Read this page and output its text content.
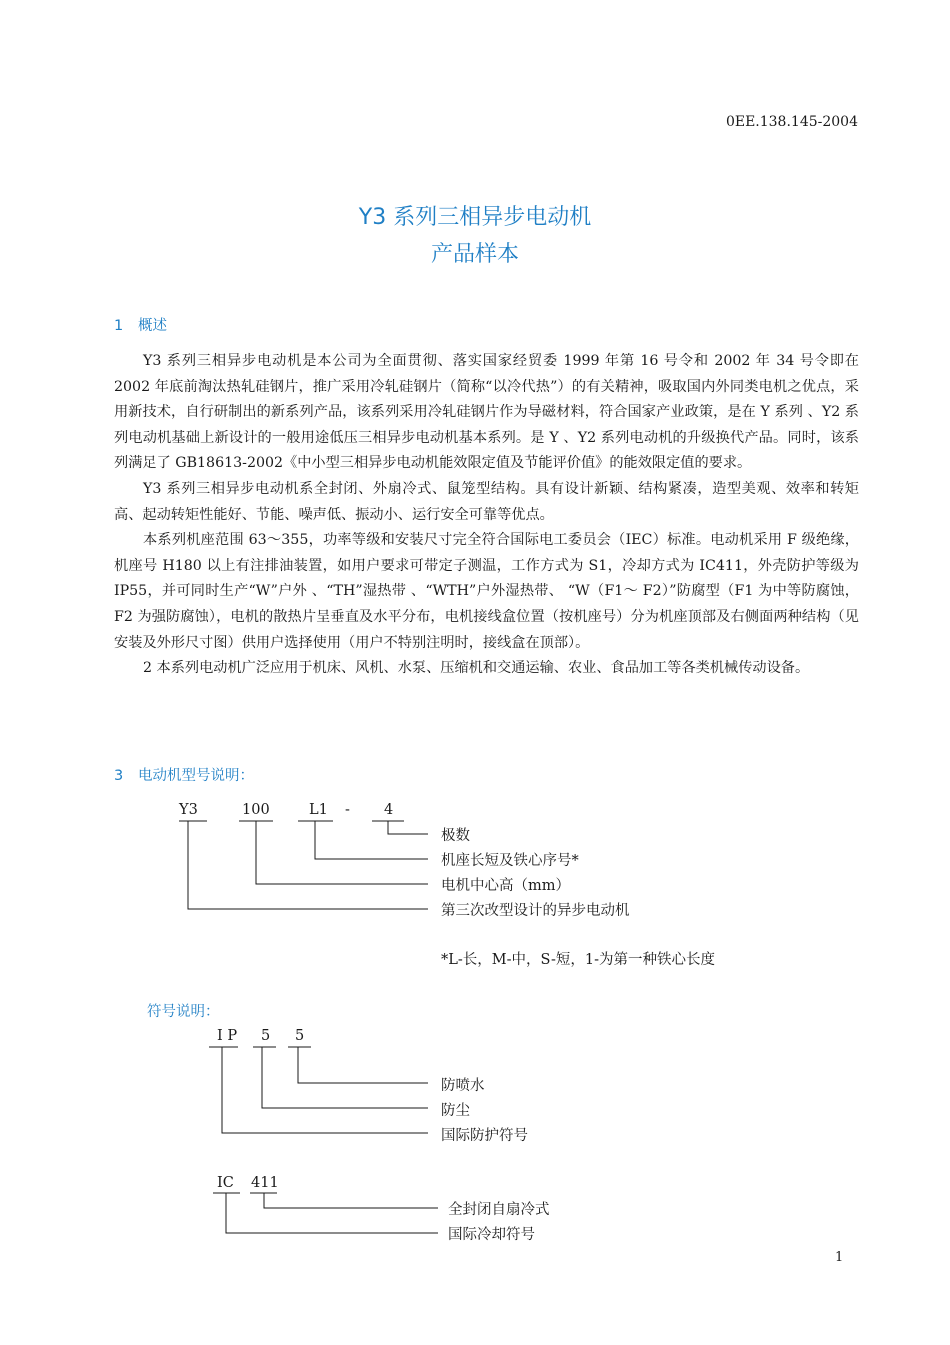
0EE.138.145-2004
Y3 系列三相异步电动机
产品样本
1 概述

Y3 系列三相异步电动机是本公司为全面贯彻、落实国家经贸委 1999 年第 16 号令和 2002 年 34 号令即在 2002 年底前淘汰热轧硅钢片，推广采用冷轧硅钢片（简称“以冷代热”）的有关精神，吸取国内外同类电机之优点，采用新技术，自行研制出的新系列产品，该系列采用冷轧硅钢片作为导磁材料，符合国家产业政策，是在 Y 系列 、Y2 系列电动机基础上新设计的一般用途低压三相异步电动机基本系列。是 Y 、Y2 系列电动机的升级换代产品。同时，该系列满足了 GB18613-2002《中小型三相异步电动机能效限定值及节能评价值》的能效限定值的要求。

Y3 系列三相异步电动机系全封闭、外扇冷式、鼠笼型结构。具有设计新颖、结构紧凑，造型美观、效率和转矩高、起动转矩性能好、节能、噪声低、振动小、运行安全可靠等优点。

本系列机座范围 63～355，功率等级和安装尺寸完全符合国际电工委员会（IEC）标准。电动机采用 F 级绝缘，机座号 H180 以上有注排油装置，如用户要求可带定子测温，工作方式为 S1，冷却方式为 IC411，外壳防护等级为 IP55，并可同时生产“W”户外 、“TH”湿热带 、“WTH”户外湿热带、 “W（F1～ F2）”防腐型（F1 为中等防腐蚀， F2 为强防腐蚀），电机的散热片呈垂直及水平分布，电机接线盒位置（按机座号）分为机座顶部及右侧面两种结构（见安装及外形尺寸图）供用户选择使用（用户不特别注明时，接线盒在顶部）。

2 本系列电动机广泛应用于机床、风机、水泵、压缩机和交通运输、农业、食品加工等各类机械传动设备。

3 电动机型号说明：
Y3	100	L1 - 4
极数
机座长短及铁心序号*
电机中心高（mm）
第三次改型设计的异步电动机
*L-长，M-中，S-短，1-为第一种铁心长度
符号说明：
I P 5 5
防喷水
防尘
国际防护符号
IC 411
全封闭自扇冷式
国际冷却符号
1
